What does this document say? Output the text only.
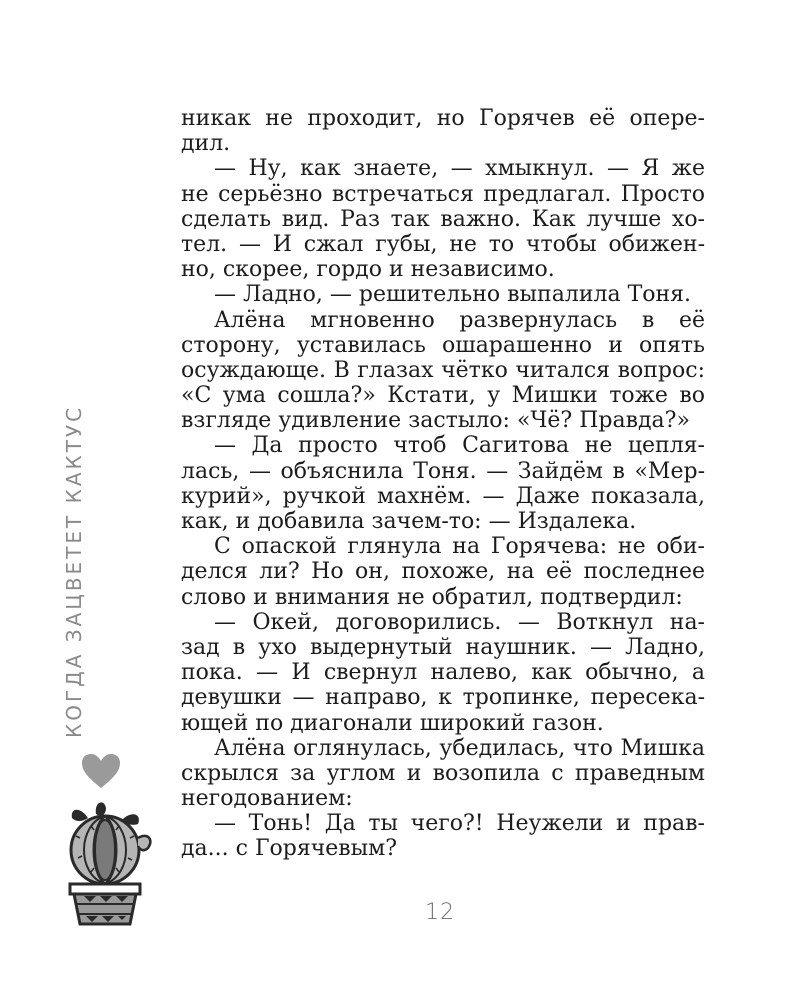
никак не проходит, но Горячев её опере-
дил.
— Ну, как знаете, — хмыкнул. — Я же
не серьёзно встречаться предлагал. Просто
сделать вид. Раз так важно. Как лучше хо-
тел. — И сжал губы, не то чтобы обижен-
но, скорее, гордо и независимо.
— Ладно, — решительно выпалила Тоня.
Алёна мгновенно развернулась в её
сторону, уставилась ошарашенно и опять
осуждающе. В глазах чётко читался вопрос:
«С ума сошла?» Кстати, у Мишки тоже во
взгляде удивление застыло: «Чё? Правда?»
— Да просто чтоб Сагитова не цепля-
лась, — объяснила Тоня. — Зайдём в «Мер-
курий», ручкой махнём. — Даже показала,
как, и добавила зачем-то: — Издалека.
С опаской глянула на Горячева: не оби-
делся ли? Но он, похоже, на её последнее
слово и внимания не обратил, подтвердил:
— Окей, договорились. — Воткнул на-
зад в ухо выдернутый наушник. — Ладно,
пока. — И свернул налево, как обычно, а
девушки — направо, к тропинке, пересека-
ющей по диагонали широкий газон.
Алёна оглянулась, убедилась, что Мишка
скрылся за углом и возопила с праведным
негодованием:
— Тонь! Да ты чего?! Неужели и прав-
да... с Горячевым?
12
КОГДА ЗАЦВЕТЕТ КАКТУС
